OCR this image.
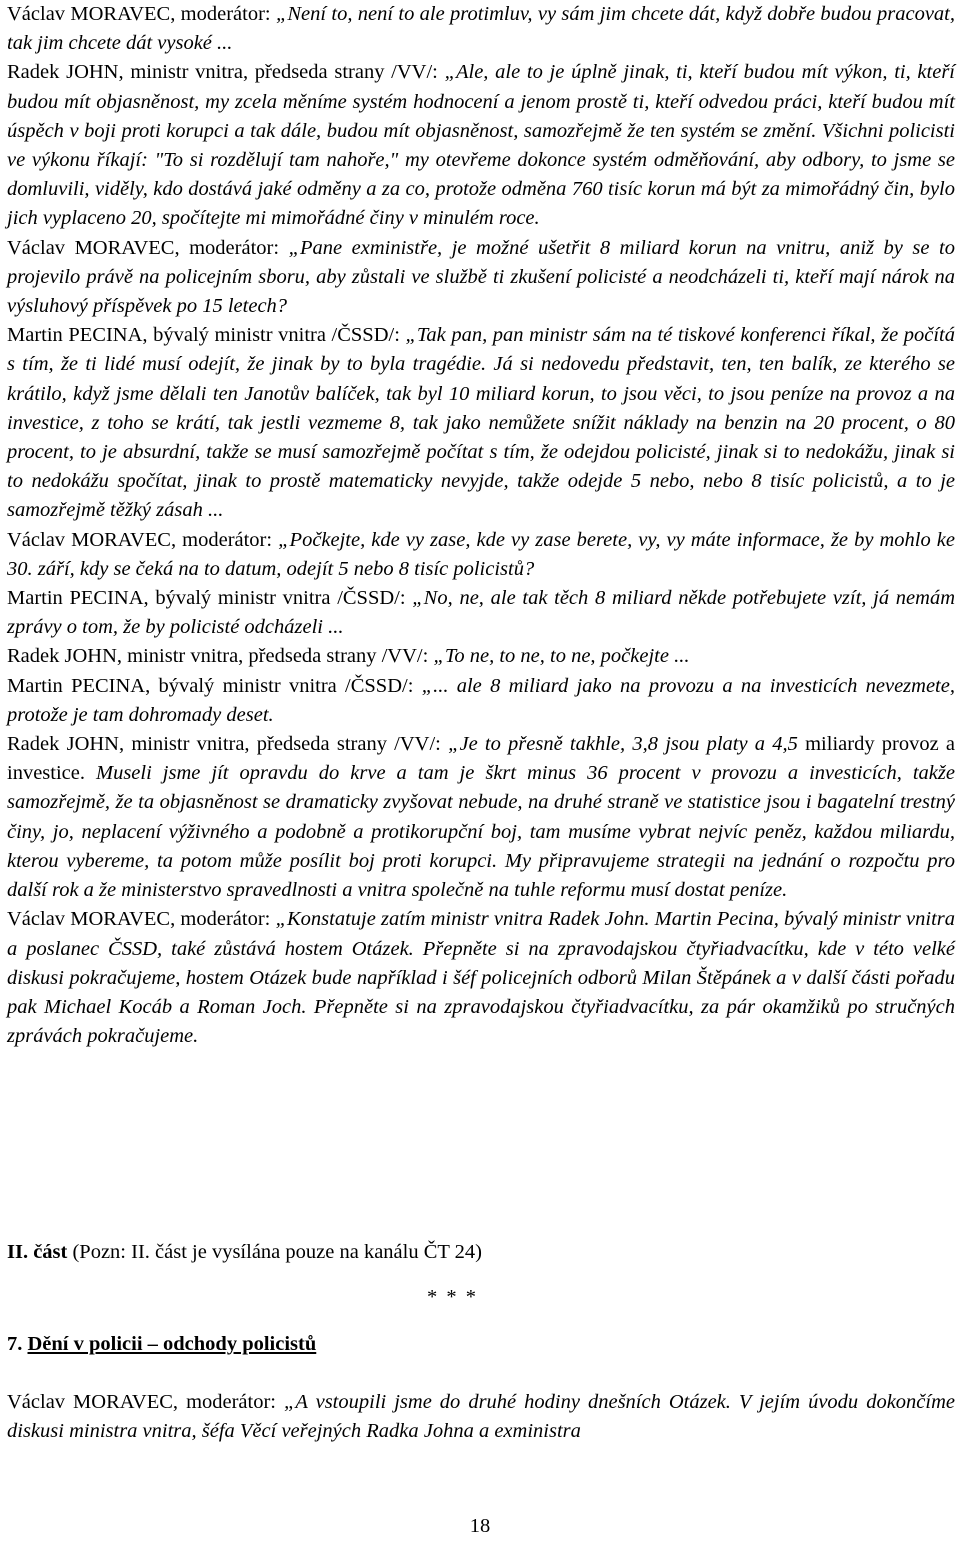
Václav MORAVEC, moderátor: „Není to, není to ale protimluv, vy sám jim chcete dát, když dobře budou pracovat, tak jim chcete dát vysoké ...

Radek JOHN, ministr vnitra, předseda strany /VV/: „Ale, ale to je úplně jinak, ti, kteří budou mít výkon, ti, kteří budou mít objasněnost, my zcela měníme systém hodnocení a jenom prostě ti, kteří odvedou práci, kteří budou mít úspěch v boji proti korupci a tak dále, budou mít objasněnost, samozřejmě že ten systém se změní. Všichni policisti ve výkonu říkají: "To si rozdělují tam nahoře," my otevřeme dokonce systém odměňování, aby odbory, to jsme se domluvili, viděly, kdo dostává jaké odměny a za co, protože odměna 760 tisíc korun má být za mimořádný čin, bylo jich vyplaceno 20, spočítejte mi mimořádné činy v minulém roce.

Václav MORAVEC, moderátor: „Pane exministře, je možné ušetřit 8 miliard korun na vnitru, aniž by se to projevilo právě na policejním sboru, aby zůstali ve službě ti zkušení policisté a neodcházeli ti, kteří mají nárok na výsluhový příspěvek po 15 letech?

Martin PECINA, bývalý ministr vnitra /ČSSD/: „Tak pan, pan ministr sám na té tiskové konferenci říkal, že počítá s tím, že ti lidé musí odejít, že jinak by to byla tragédie. Já si nedovedu představit, ten, ten balík, ze kterého se krátilo, když jsme dělali ten Janotův balíček, tak byl 10 miliard korun, to jsou věci, to jsou peníze na provoz a na investice, z toho se krátí, tak jestli vezmeme 8, tak jako nemůžete snížit náklady na benzin na 20 procent, o 80 procent, to je absurdní, takže se musí samozřejmě počítat s tím, že odejdou policisté, jinak si to nedokážu, jinak si to nedokážu spočítat, jinak to prostě matematicky nevyjde, takže odejde 5 nebo, nebo 8 tisíc policistů, a to je samozřejmě těžký zásah ...

Václav MORAVEC, moderátor: „Počkejte, kde vy zase, kde vy zase berete, vy, vy máte informace, že by mohlo ke 30. září, kdy se čeká na to datum, odejít 5 nebo 8 tisíc policistů?

Martin PECINA, bývalý ministr vnitra /ČSSD/: „No, ne, ale tak těch 8 miliard někde potřebujete vzít, já nemám zprávy o tom, že by policisté odcházeli ...

Radek JOHN, ministr vnitra, předseda strany /VV/: „To ne, to ne, to ne, počkejte ...

Martin PECINA, bývalý ministr vnitra /ČSSD/: „... ale 8 miliard jako na provozu a na investicích nevezmete, protože je tam dohromady deset.

Radek JOHN, ministr vnitra, předseda strany /VV/: „Je to přesně takhle, 3,8 jsou platy a 4,5 miliardy provoz a investice. Museli jsme jít opravdu do krve a tam je škrt minus 36 procent v provozu a investicích, takže samozřejmě, že ta objasněnost se dramaticky zvyšovat nebude, na druhé straně ve statistice jsou i bagatelní trestný činy, jo, neplacení výživného a podobně a protikorupční boj, tam musíme vybrat nejvíc peněz, každou miliardu, kterou vybereme, ta potom může posílit boj proti korupci. My připravujeme strategii na jednání o rozpočtu pro další rok a že ministerstvo spravedlnosti a vnitra společně na tuhle reformu musí dostat peníze.

Václav MORAVEC, moderátor: „Konstatuje zatím ministr vnitra Radek John. Martin Pecina, bývalý ministr vnitra a poslanec ČSSD, také zůstává hostem Otázek. Přepněte si na zpravodajskou čtyřiadvacítku, kde v této velké diskusi pokračujeme, hostem Otázek bude například i šéf policejních odborů Milan Štěpánek a v další části pořadu pak Michael Kocáb a Roman Joch. Přepněte si na zpravodajskou čtyřiadvacítku, za pár okamžiků po stručných zprávách pokračujeme.

II. část (Pozn: II. část je vysílána pouze na kanálu ČT 24)
* * *
7. Dění v policii – odchody policistů

Václav MORAVEC, moderátor: „A vstoupili jsme do druhé hodiny dnešních Otázek. V jejím úvodu dokončíme diskusi ministra vnitra, šéfa Věcí veřejných Radka Johna a exministra

18
